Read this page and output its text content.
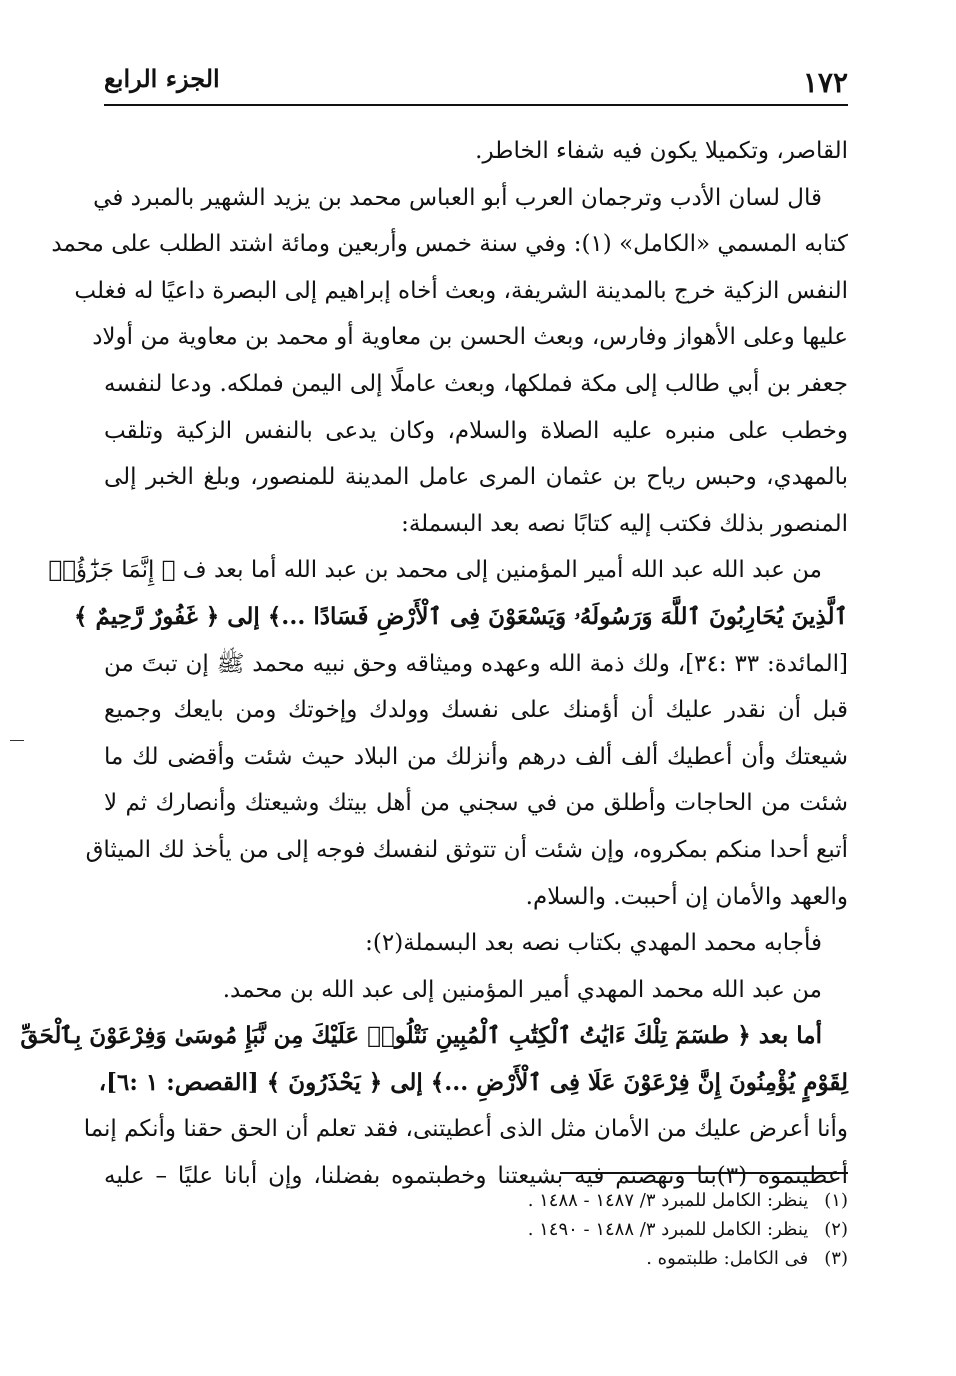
١٧٢
الجزء الرابع
القاصر، وتكميلا يكون فيه شفاء الخاطر.
قال لسان الأدب وترجمان العرب أبو العباس محمد بن يزيد الشهير بالمبرد في
كتابه المسمي «الكامل» (١): وفي سنة خمس وأربعين ومائة اشتد الطلب على محمد
النفس الزكية خرج بالمدينة الشريفة، وبعث أخاه إبراهيم إلى البصرة داعيًا له فغلب
عليها وعلى الأهواز وفارس، وبعث الحسن بن معاوية أو محمد بن معاوية من أولاد
جعفر بن أبي طالب إلى مكة فملكها، وبعث عاملًا إلى اليمن فملكه. ودعا لنفسه
وخطب على منبره عليه الصلاة والسلام، وكان يدعى بالنفس الزكية وتلقب
بالمهدي، وحبس رياح بن عثمان المرى عامل المدينة للمنصور، وبلغ الخبر إلى
المنصور بذلك فكتب إليه كتابًا نصه بعد البسملة:
من عبد الله عبد الله أمير المؤمنين إلى محمد بن عبد الله أما بعد ف ﴿ إِنَّمَا جَزَٰٓؤُا۟
ٱلَّذِينَ يُحَارِبُونَ ٱللَّهَ وَرَسُولَهُۥ وَيَسْعَوْنَ فِى ٱلْأَرْضِ فَسَادًا ...﴾ إلى ﴿ غَفُورٌ رَّحِيمٌ ﴾
[المائدة: ٣٣ :٣٤]، ولك ذمة الله وعهده وميثاقه وحق نبيه محمد ﷺ إن تبتَ من
قبل أن نقدر عليك أن أؤمنك على نفسك وولدك وإخوتك ومن بايعك وجميع
شيعتك وأن أعطيك ألف ألف درهم وأنزلك من البلاد حيث شئت وأقضى لك ما
شئت من الحاجات وأطلق من في سجني من أهل بيتك وشيعتك وأنصارك ثم لا
أتبع أحدا منكم بمكروه، وإن شئت أن تتوثق لنفسك فوجه إلى من يأخذ لك الميثاق
والعهد والأمان إن أحببت. والسلام.
فأجابه محمد المهدي بكتاب نصه بعد البسملة(٢):
من عبد الله محمد المهدي أمير المؤمنين إلى عبد الله بن محمد.
أما بعد ﴿ طسٓمٓ تِلْكَ ءَايَٰتُ ٱلْكِتَٰبِ ٱلْمُبِينِ نَتْلُوا۟ عَلَيْكَ مِن نَّبَإِ مُوسَىٰ وَفِرْعَوْنَ بِٱلْحَقِّ
لِقَوْمٍ يُؤْمِنُونَ إِنَّ فِرْعَوْنَ عَلَا فِى ٱلْأَرْضِ ...﴾ إلى ﴿ يَحْذَرُونَ ﴾ [القصص: ١ :٦]،
وأنا أعرض عليك من الأمان مثل الذى أعطيتنى، فقد تعلم أن الحق حقنا وأنكم إنما
أعطيتموه (٣)بنا ونهضتم فيه بشيعتنا وخطبتموه بفضلنا، وإن أبانا عليًا – عليه
(١) ينظر: الكامل للمبرد ٣/ ١٤٨٧ - ١٤٨٨ .
(٢) ينظر: الكامل للمبرد ٣/ ١٤٨٨ - ١٤٩٠ .
(٣) فى الكامل: طلبتموه .
